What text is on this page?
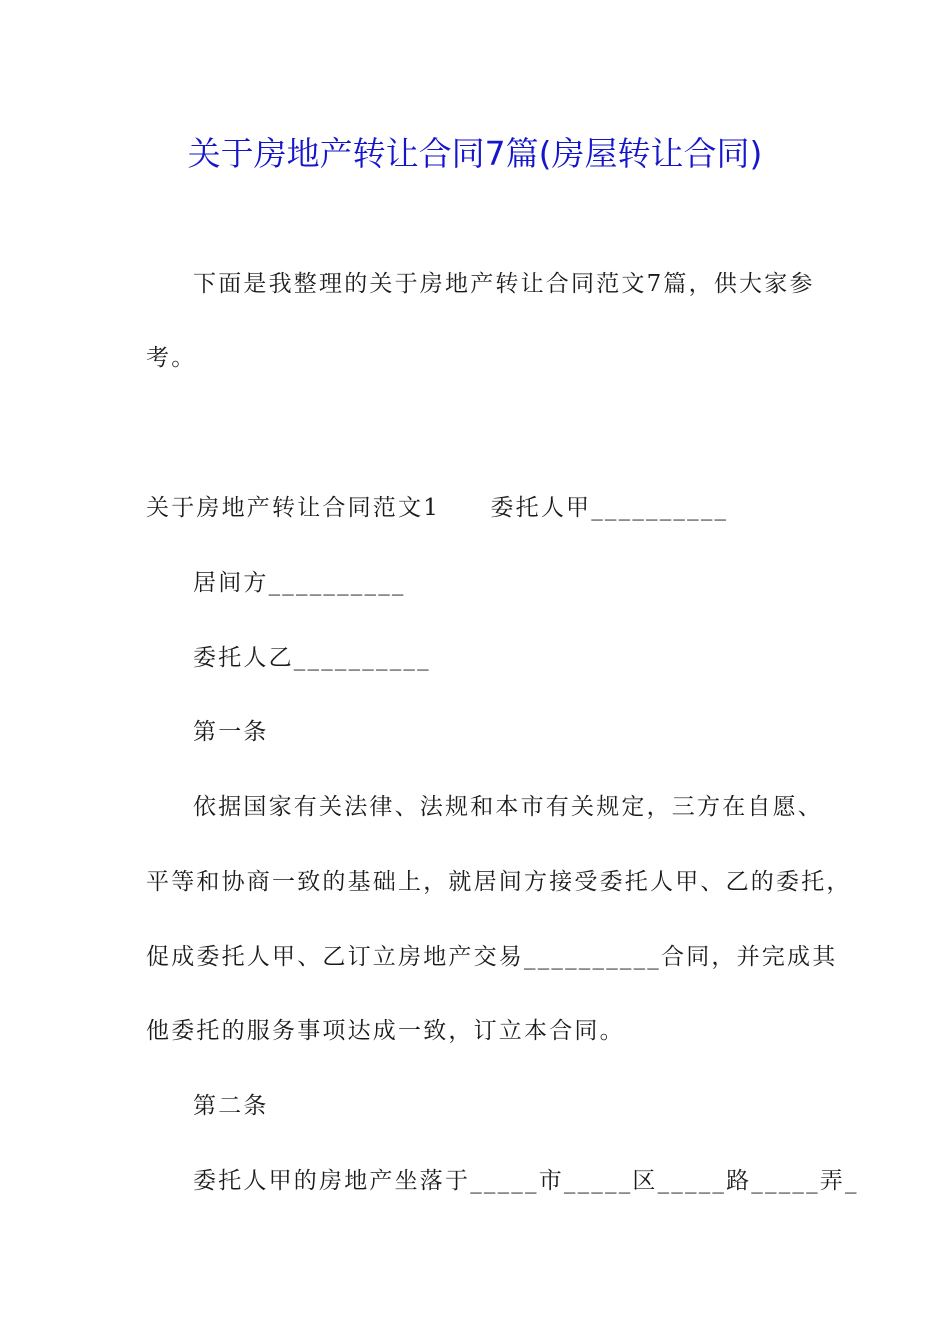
关于房地产转让合同7篇(房屋转让合同)
下面是我整理的关于房地产转让合同范文7篇，供大家参
考。
关于房地产转让合同范文1　　委托人甲__________
居间方__________
委托人乙__________
第一条
依据国家有关法律、法规和本市有关规定，三方在自愿、
平等和协商一致的基础上，就居间方接受委托人甲、乙的委托，
促成委托人甲、乙订立房地产交易__________合同，并完成其
他委托的服务事项达成一致，订立本合同。
第二条
委托人甲的房地产坐落于_____市_____区_____路_____弄_
